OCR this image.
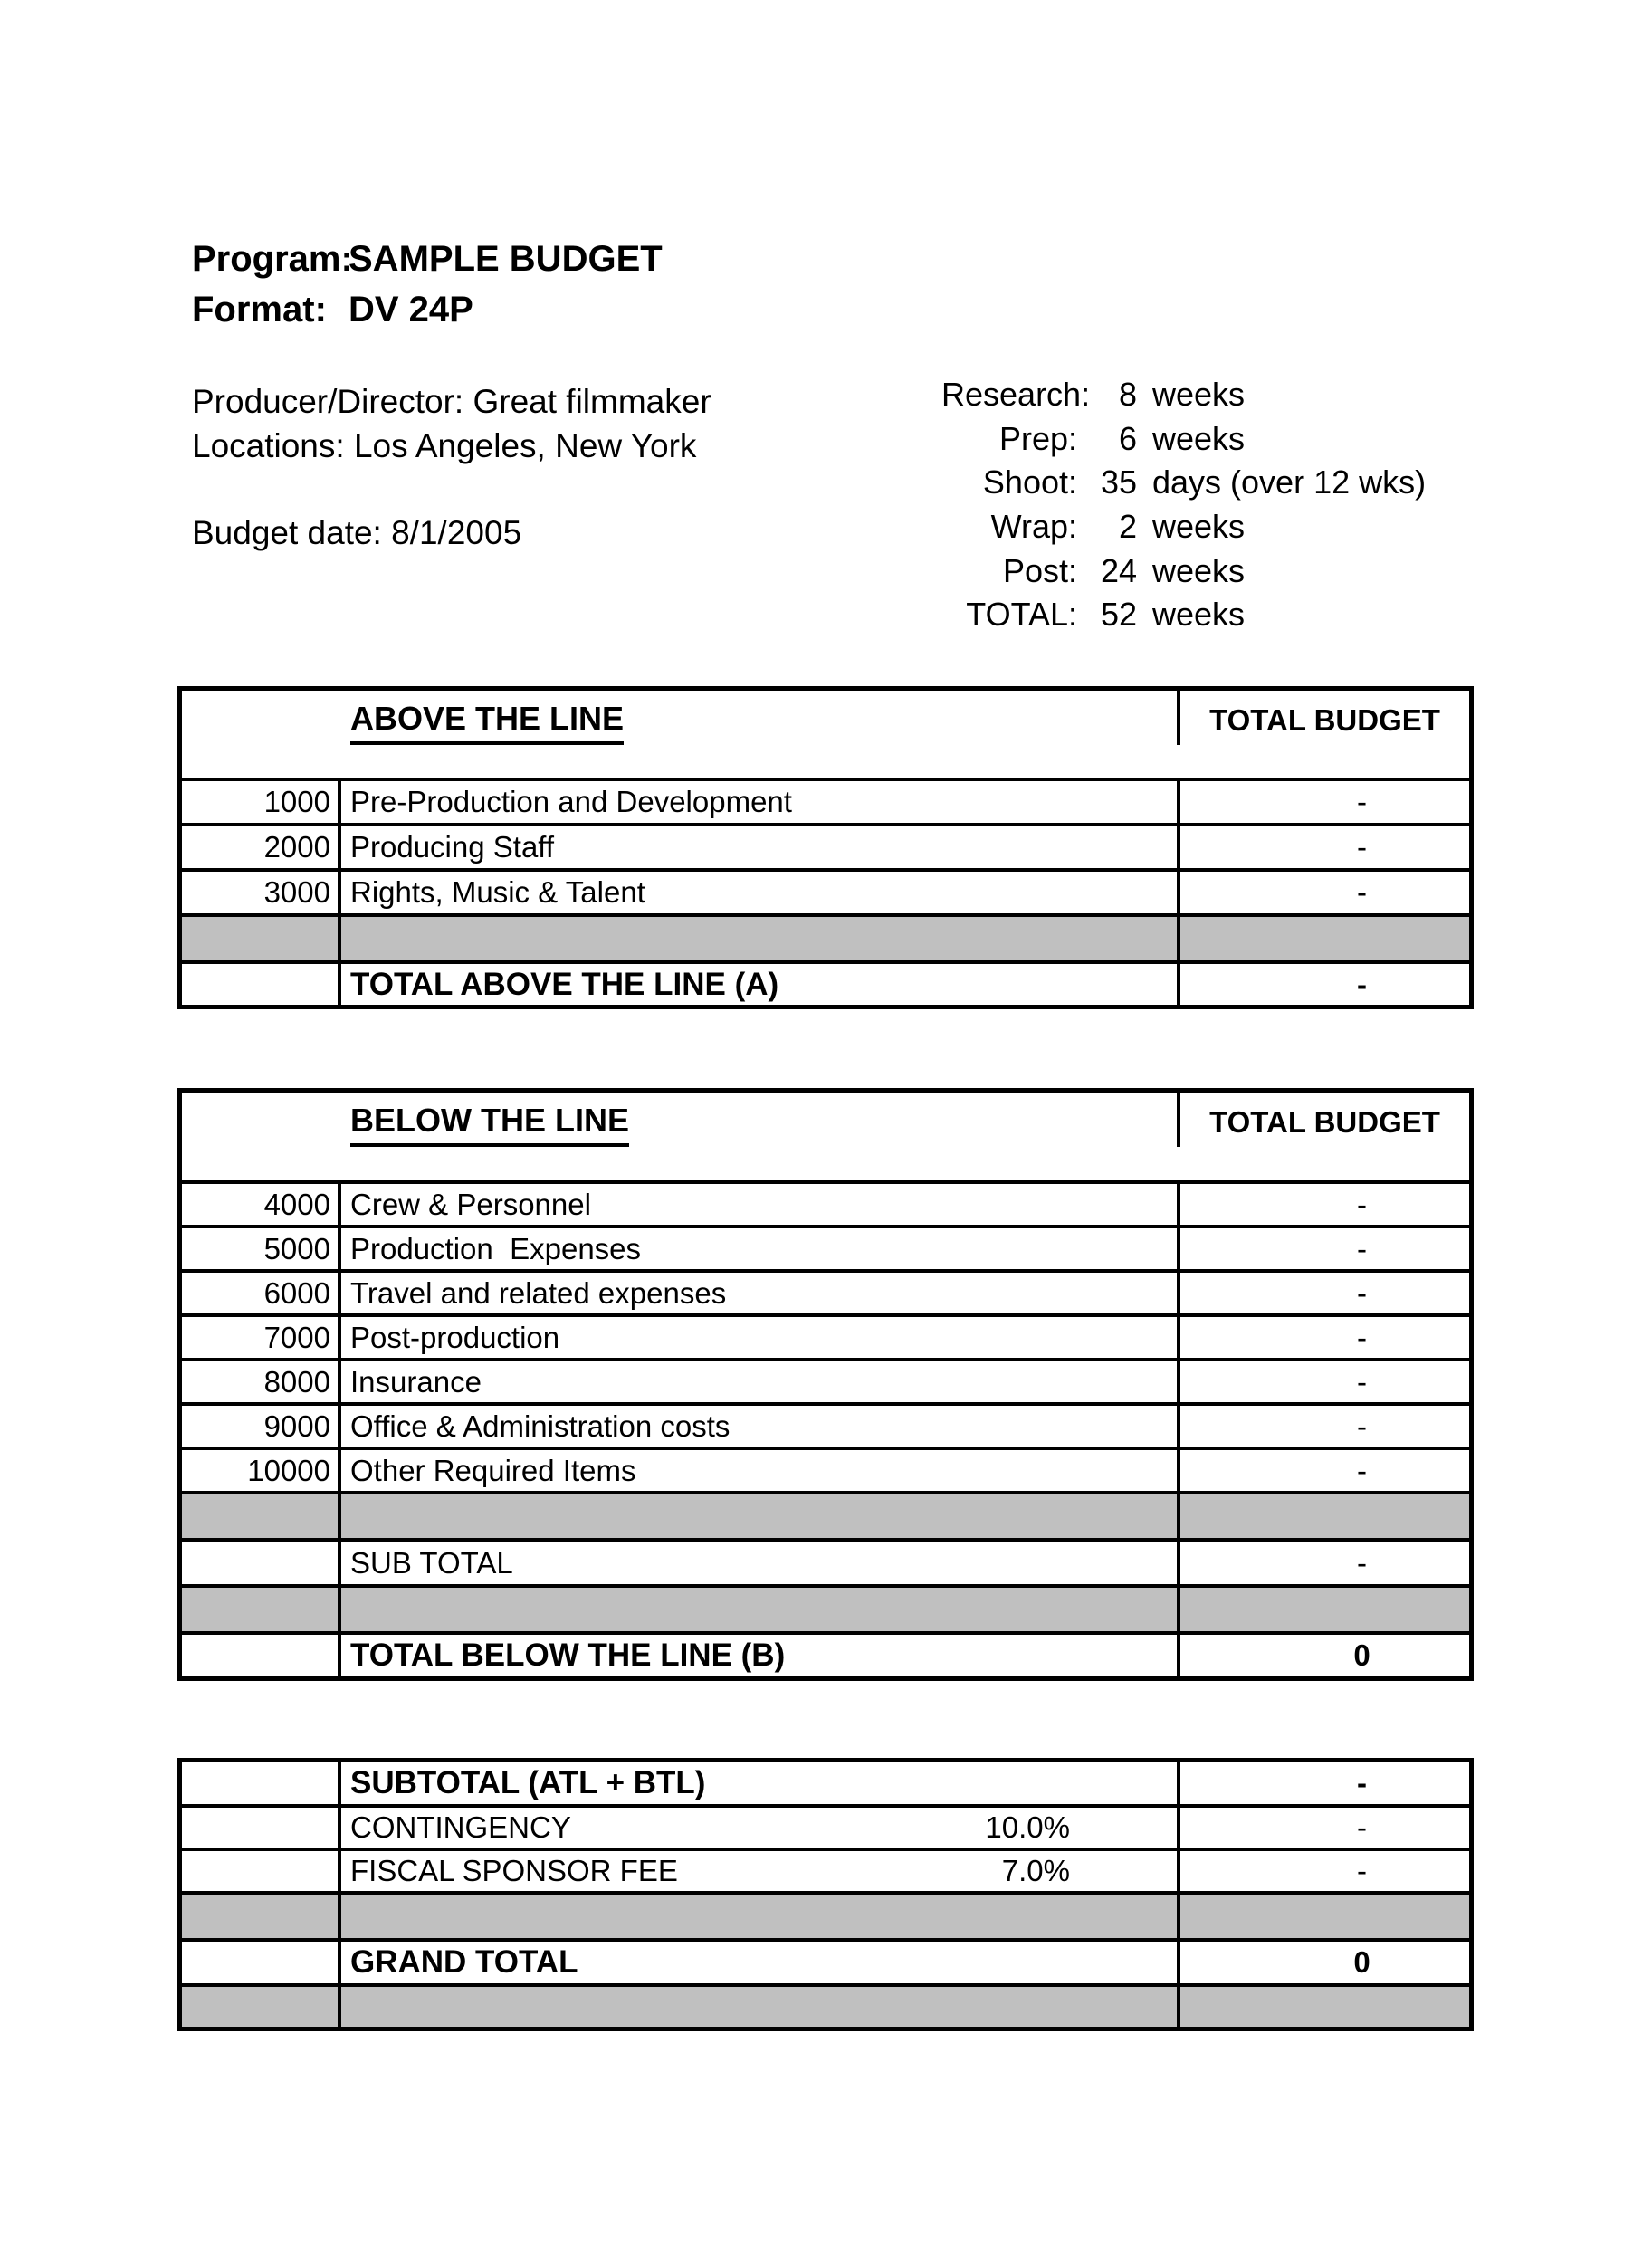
Program:
SAMPLE BUDGET
Format: DV 24P
Producer/Director: Great filmmaker
Locations: Los Angeles, New York
Budget date: 8/1/2005
Research: 8 weeks
Prep:	6 weeks
Shoot: 35 days (over 12 wks)
Wrap:	2 weeks
Post: 24 weeks
TOTAL: 52 weeks
ABOVE THE LINE	TOTAL BUDGET
1000 Pre-Production and Development	-
2000 Producing Staff	-
3000 Rights, Music & Talent	-
TOTAL ABOVE THE LINE (A)	-
BELOW THE LINE	TOTAL BUDGET
4000 Crew & Personnel	-
5000 Production  Expenses	-
6000 Travel and related expenses	-
7000 Post-production	-
8000 Insurance	-
9000 Office & Administration costs	-
10000 Other Required Items	-
SUB TOTAL	-
TOTAL BELOW THE LINE (B)	0
SUBTOTAL (ATL + BTL)	-
CONTINGENCY	10.0%	-
FISCAL SPONSOR FEE	7.0%	-
GRAND TOTAL	0
